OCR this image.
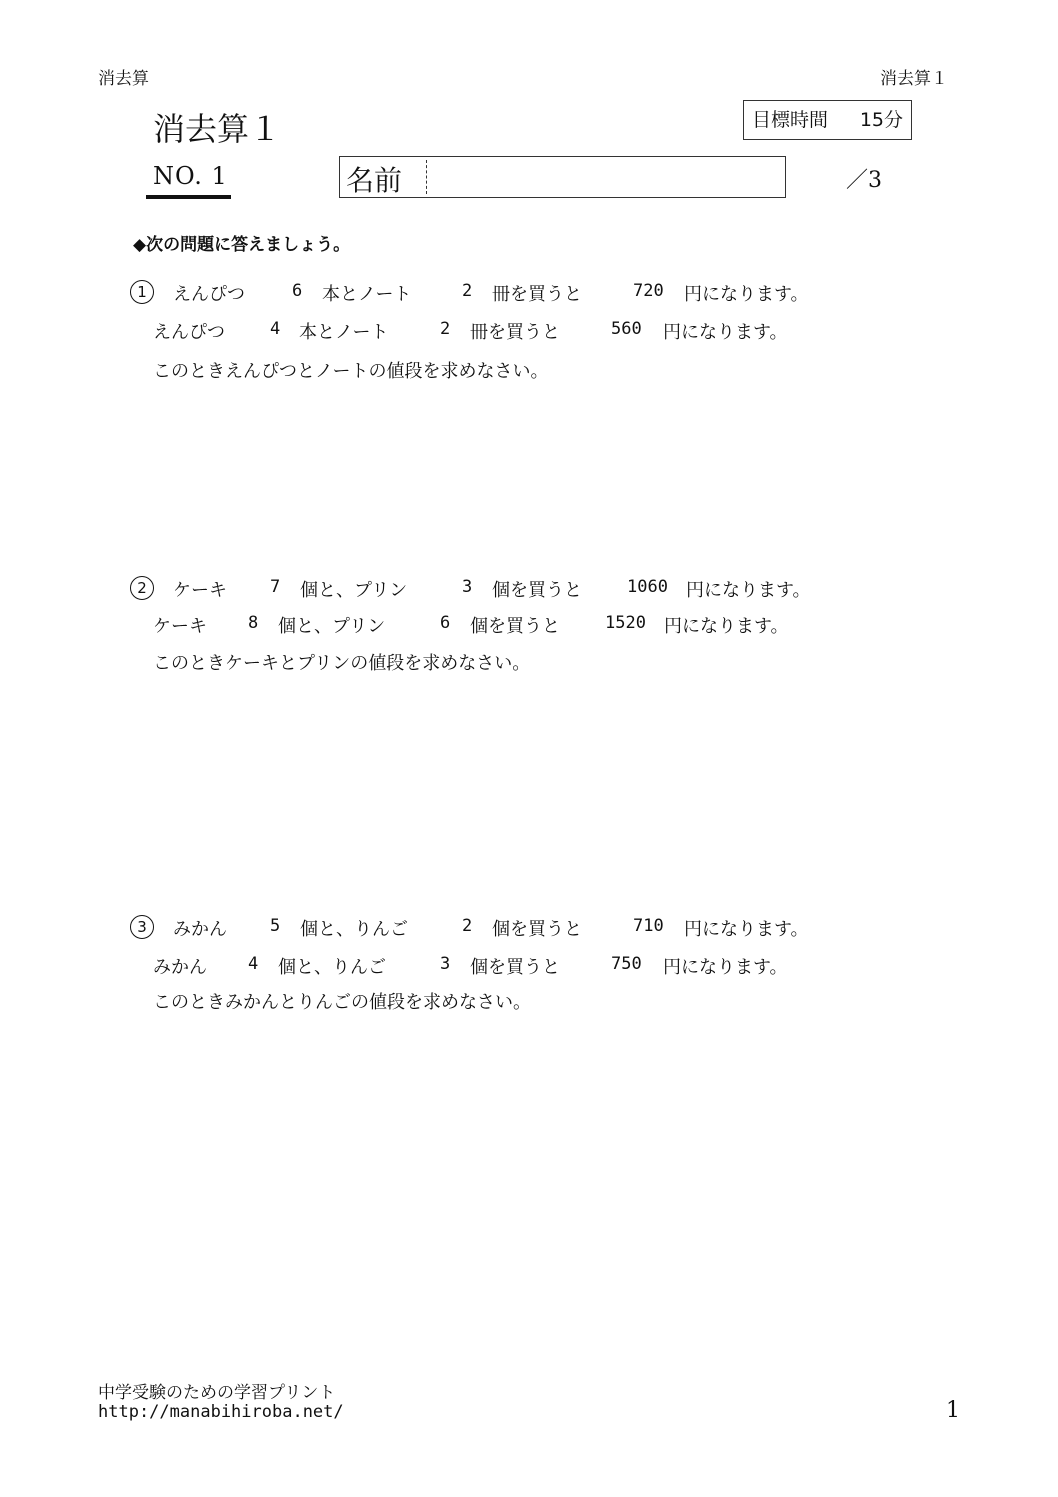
消去算	消去算１
消去算１	目標時間 15分
NO. 1	名前	／3
◆次の問題に答えましょう。
1	えんぴつ	6 本とノート	2 冊を買うと	720 円になります。
えんぴつ	4 本とノート	2 冊を買うと	560 円になります。
このときえんぴつとノートの値段を求めなさい。
2	ケーキ	7 個と、プリン	3 個を買うと	1060 円になります。
ケーキ 8 個と、プリン	6 個を買うと	1520 円になります。
このときケーキとプリンの値段を求めなさい。
3	みかん	5 個と、りんご	2 個を買うと	710 円になります。
みかん 4 個と、りんご	3 個を買うと	750 円になります。
このときみかんとりんごの値段を求めなさい。
中学受験のための学習プリント
http://manabihiroba.net/	1
